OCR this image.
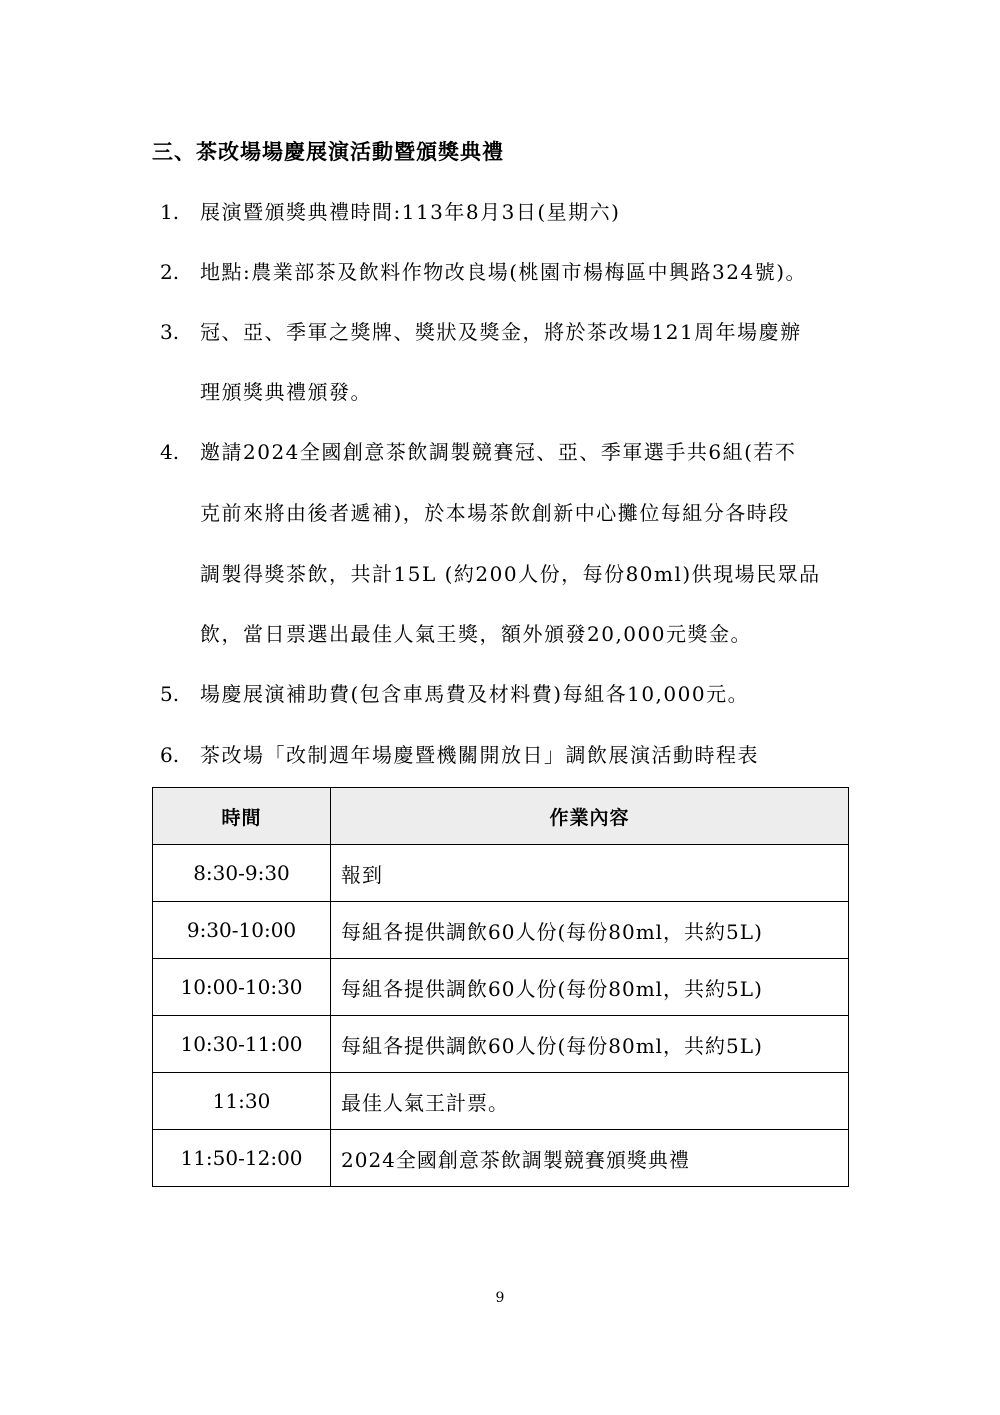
三、茶改場場慶展演活動暨頒獎典禮
1.	展演暨頒獎典禮時間:113年8月3日(星期六)
2.	地點:農業部茶及飲料作物改良場(桃園市楊梅區中興路324號)。
3.	冠、亞、季軍之獎牌、獎狀及獎金，將於茶改場121周年場慶辦
理頒獎典禮頒發。
4.	邀請2024全國創意茶飲調製競賽冠、亞、季軍選手共6組(若不
克前來將由後者遞補)，於本場茶飲創新中心攤位每組分各時段
調製得獎茶飲，共計15L (約200人份，每份80ml)供現場民眾品
飲，當日票選出最佳人氣王獎，額外頒發20,000元獎金。
5.	場慶展演補助費(包含車馬費及材料費)每組各10,000元。
6.	茶改場「改制週年場慶暨機關開放日」調飲展演活動時程表
時間	作業內容
8:30-9:30	報到
9:30-10:00	每組各提供調飲60人份(每份80ml，共約5L)
10:00-10:30	每組各提供調飲60人份(每份80ml，共約5L)
10:30-11:00	每組各提供調飲60人份(每份80ml，共約5L)
11:30	最佳人氣王計票。
11:50-12:00	2024全國創意茶飲調製競賽頒獎典禮
9
